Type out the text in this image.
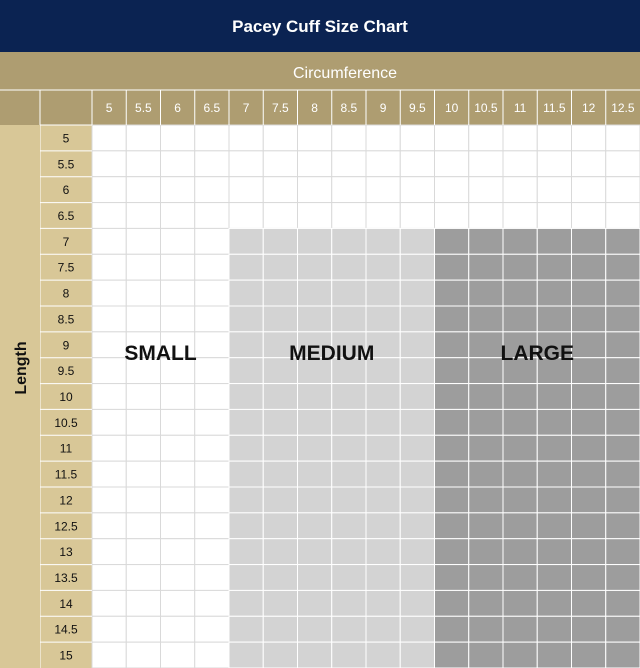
Pacey Cuff Size Chart
Circumference
5 5.5 6 6.5 7 7.5 8 8.5 9 9.5 10 10.5 11 11.5 12 12.5
5
5.5
6
6.5
7
7.5
8
8.5
9
9.5
10
10.5
11
11.5
12
12.5
13
13.5
14
14.5
15
Length	SMALL	MEDIUM	LARGE
